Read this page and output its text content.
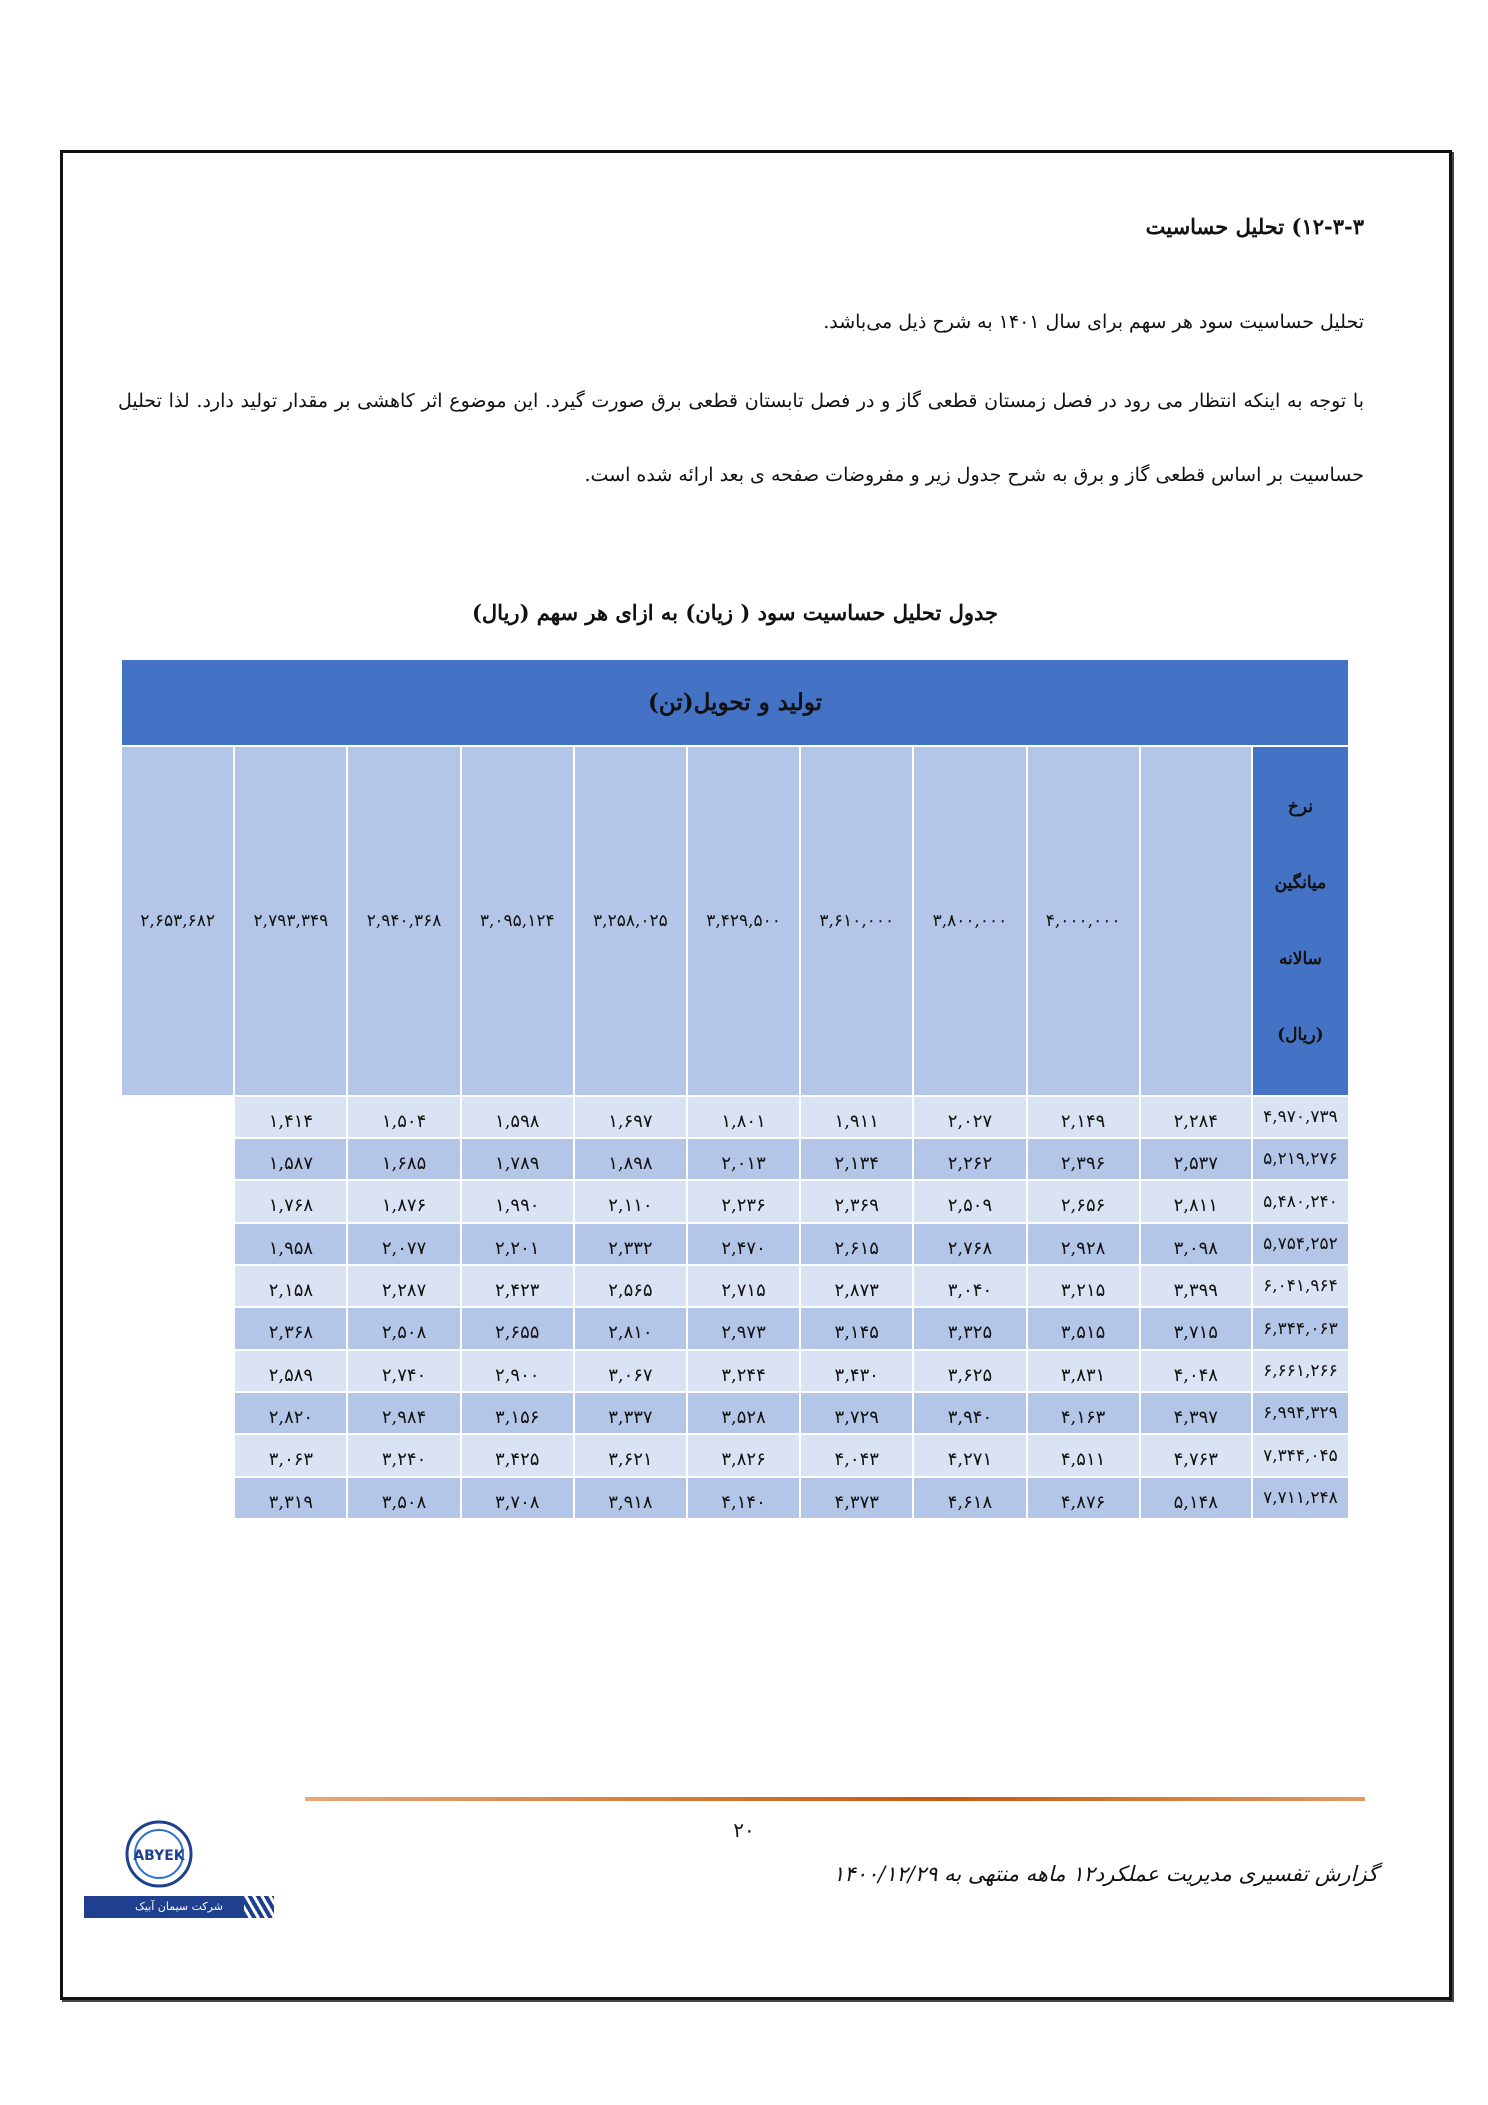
۱۲-۳-۳) تحلیل حساسیت
تحلیل حساسیت سود هر سهم برای سال ۱۴۰۱ به شرح ذیل می‌باشد.
با توجه به اینکه انتظار می رود در فصل زمستان قطعی گاز و در فصل تابستان قطعی برق صورت گیرد. این موضوع اثر کاهشی بر مقدار تولید دارد. لذا تحلیل حساسیت بر اساس قطعی گاز و برق به شرح جدول زیر و مفروضات صفحه ی بعد ارائه شده است.
جدول تحلیل حساسیت سود ( زیان) به ازای هر سهم (ریال)
تولید و تحویل(تن)										

نرخ
میانگین
سالانه
(ریال)		۴,۰۰۰,۰۰۰	۳,۸۰۰,۰۰۰	۳,۶۱۰,۰۰۰	۳,۴۲۹,۵۰۰	۳,۲۵۸,۰۲۵	۳,۰۹۵,۱۲۴	۲,۹۴۰,۳۶۸	۲,۷۹۳,۳۴۹	۲,۶۵۳,۶۸۲
۴,۹۷۰,۷۳۹	۲,۲۸۴	۲,۱۴۹	۲,۰۲۷	۱,۹۱۱	۱,۸۰۱	۱,۶۹۷	۱,۵۹۸	۱,۵۰۴	۱,۴۱۴	
۵,۲۱۹,۲۷۶	۲,۵۳۷	۲,۳۹۶	۲,۲۶۲	۲,۱۳۴	۲,۰۱۳	۱,۸۹۸	۱,۷۸۹	۱,۶۸۵	۱,۵۸۷	
۵,۴۸۰,۲۴۰	۲,۸۱۱	۲,۶۵۶	۲,۵۰۹	۲,۳۶۹	۲,۲۳۶	۲,۱۱۰	۱,۹۹۰	۱,۸۷۶	۱,۷۶۸	
۵,۷۵۴,۲۵۲	۳,۰۹۸	۲,۹۲۸	۲,۷۶۸	۲,۶۱۵	۲,۴۷۰	۲,۳۳۲	۲,۲۰۱	۲,۰۷۷	۱,۹۵۸	
۶,۰۴۱,۹۶۴	۳,۳۹۹	۳,۲۱۵	۳,۰۴۰	۲,۸۷۳	۲,۷۱۵	۲,۵۶۵	۲,۴۲۳	۲,۲۸۷	۲,۱۵۸	
۶,۳۴۴,۰۶۳	۳,۷۱۵	۳,۵۱۵	۳,۳۲۵	۳,۱۴۵	۲,۹۷۳	۲,۸۱۰	۲,۶۵۵	۲,۵۰۸	۲,۳۶۸	
۶,۶۶۱,۲۶۶	۴,۰۴۸	۳,۸۳۱	۳,۶۲۵	۳,۴۳۰	۳,۲۴۴	۳,۰۶۷	۲,۹۰۰	۲,۷۴۰	۲,۵۸۹	
۶,۹۹۴,۳۲۹	۴,۳۹۷	۴,۱۶۳	۳,۹۴۰	۳,۷۲۹	۳,۵۲۸	۳,۳۳۷	۳,۱۵۶	۲,۹۸۴	۲,۸۲۰	
۷,۳۴۴,۰۴۵	۴,۷۶۳	۴,۵۱۱	۴,۲۷۱	۴,۰۴۳	۳,۸۲۶	۳,۶۲۱	۳,۴۲۵	۳,۲۴۰	۳,۰۶۳	
۷,۷۱۱,۲۴۸	۵,۱۴۸	۴,۸۷۶	۴,۶۱۸	۴,۳۷۳	۴,۱۴۰	۳,۹۱۸	۳,۷۰۸	۳,۵۰۸	۳,۳۱۹	
۲۰
گزارش تفسیری مدیریت عملکرد۱۲ ماهه منتهی به ۱۴۰۰/۱۲/۲۹
ABYEK
شرکت سیمان آبیک
